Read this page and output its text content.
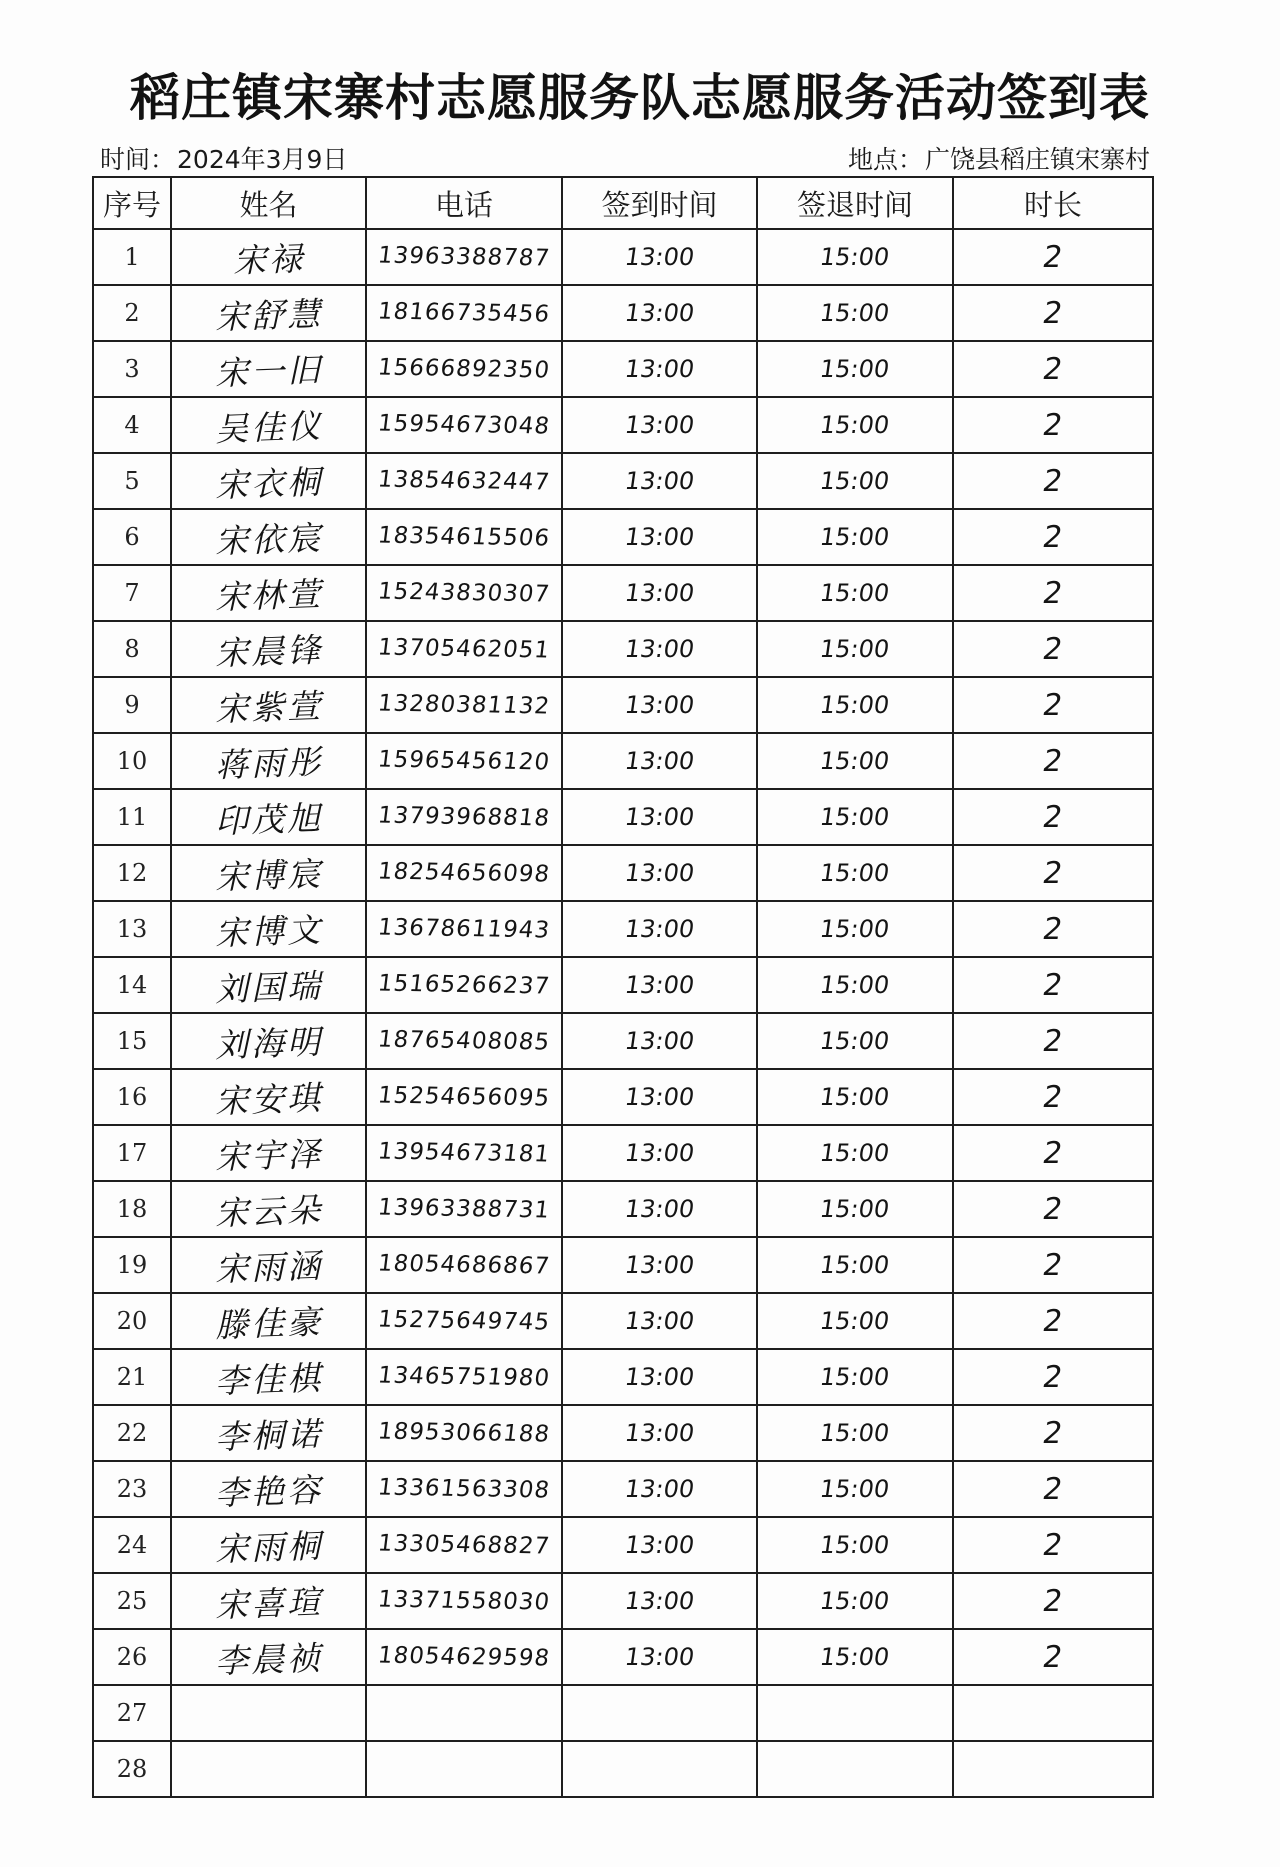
稻庄镇宋寨村志愿服务队志愿服务活动签到表
时间：2024年3月9日	地点：广饶县稻庄镇宋寨村
序号	姓名	电话	签到时间	签退时间	时长
1	宋禄	13963388787	13:00	15:00	2
2	宋舒慧	18166735456	13:00	15:00	2
3	宋一旧	15666892350	13:00	15:00	2
4	吴佳仪	15954673048	13:00	15:00	2
5	宋衣桐	13854632447	13:00	15:00	2
6	宋依宸	18354615506	13:00	15:00	2
7	宋林萱	15243830307	13:00	15:00	2
8	宋晨锋	13705462051	13:00	15:00	2
9	宋紫萱	13280381132	13:00	15:00	2
10	蒋雨彤	15965456120	13:00	15:00	2
11	印茂旭	13793968818	13:00	15:00	2
12	宋博宸	18254656098	13:00	15:00	2
13	宋博文	13678611943	13:00	15:00	2
14	刘国瑞	15165266237	13:00	15:00	2
15	刘海明	18765408085	13:00	15:00	2
16	宋安琪	15254656095	13:00	15:00	2
17	宋宇泽	13954673181	13:00	15:00	2
18	宋云朵	13963388731	13:00	15:00	2
19	宋雨涵	18054686867	13:00	15:00	2
20	滕佳豪	15275649745	13:00	15:00	2
21	李佳棋	13465751980	13:00	15:00	2
22	李桐诺	18953066188	13:00	15:00	2
23	李艳容	13361563308	13:00	15:00	2
24	宋雨桐	13305468827	13:00	15:00	2
25	宋喜瑄	13371558030	13:00	15:00	2
26	李晨祯	18054629598	13:00	15:00	2
27					
28					
